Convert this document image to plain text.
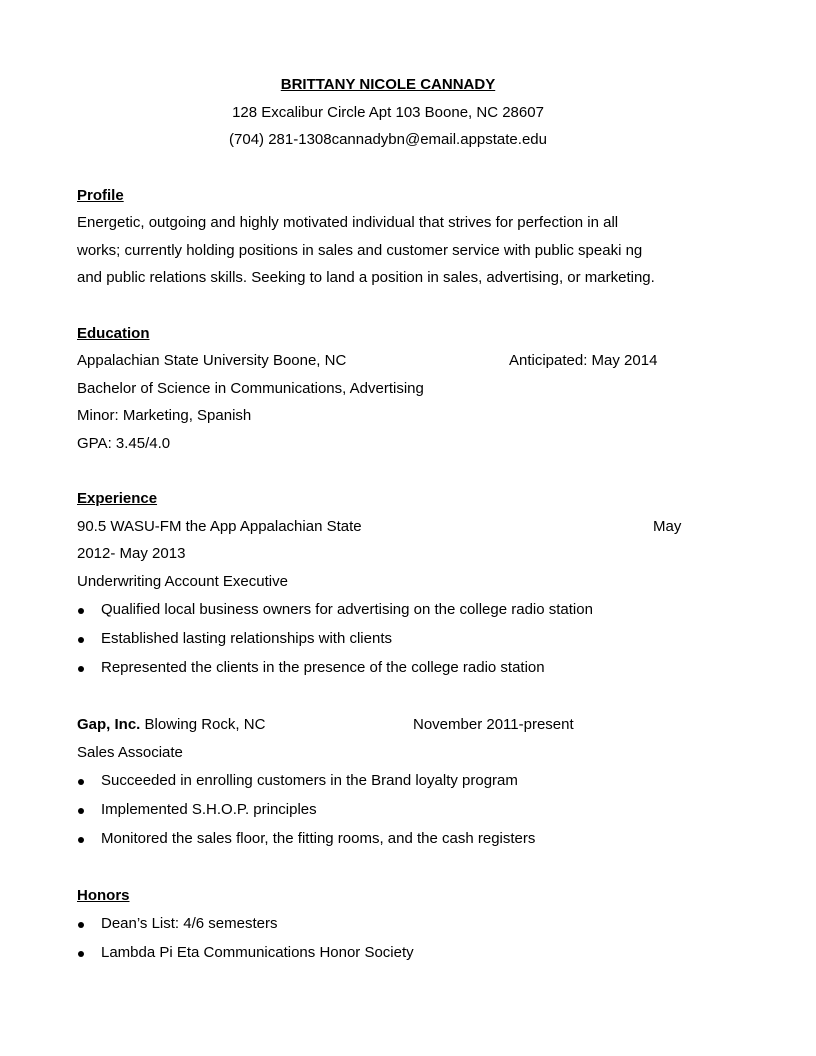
BRITTANY NICOLE CANNADY
128 Excalibur Circle Apt 103 Boone, NC 28607
(704) 281-1308cannadybn@email.appstate.edu
Profile
Energetic, outgoing and highly motivated individual that strives for perfection in all
works; currently holding positions in sales and customer service with public speaki ng
and public relations skills. Seeking to land a position in sales, advertising, or marketing.
Education
Appalachian State University Boone, NC	Anticipated: May 2014
Bachelor of Science in Communications, Advertising
Minor: Marketing, Spanish
GPA: 3.45/4.0
Experience
90.5 WASU-FM the App Appalachian State	May
2012- May 2013
Underwriting Account Executive
Qualified local business owners for advertising on the college radio station
Established lasting relationships with clients
Represented the clients in the presence of the college radio station
Gap, Inc. Blowing Rock, NC	November 2011-present
Sales Associate
Succeeded in enrolling customers in the Brand loyalty program
Implemented S.H.O.P. principles
Monitored the sales floor, the fitting rooms, and the cash registers
Honors
Dean’s List: 4/6 semesters
Lambda Pi Eta Communications Honor Society
